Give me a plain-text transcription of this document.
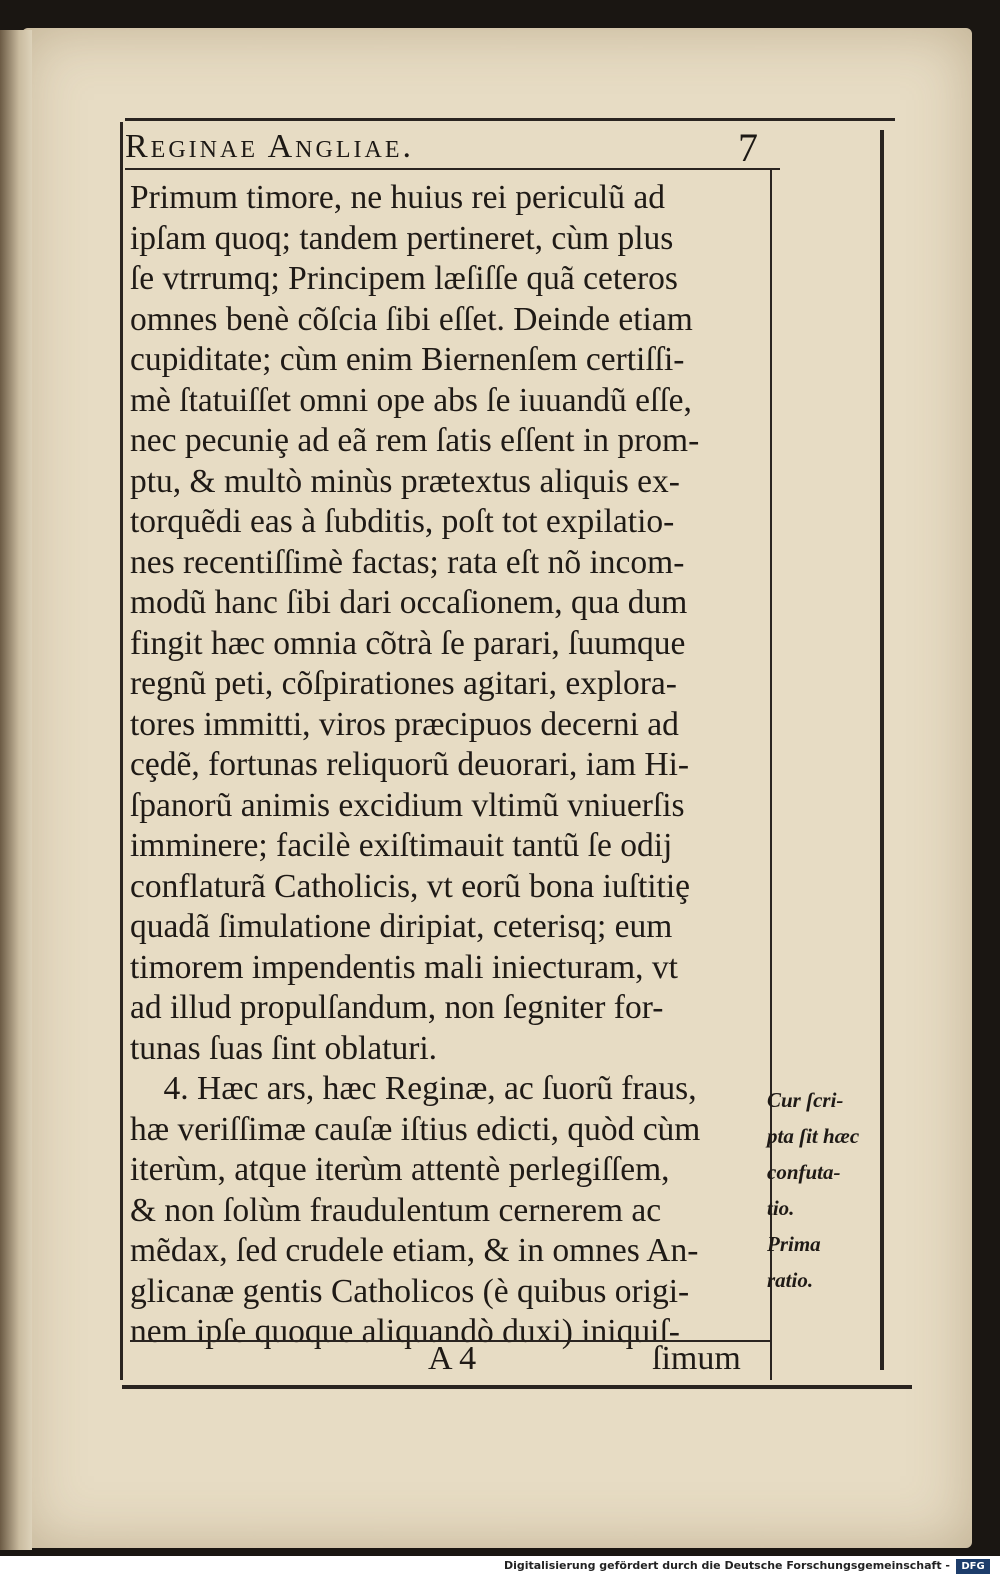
Reginae Angliae.	7
Primum timore, ne huius rei periculũ ad
ipſam quoq; tandem pertineret, cùm plus
ſe vtrrumq; Principem læſiſſe quã ceteros
omnes benè cõſcia ſibi eſſet. Deinde etiam
cupiditate; cùm enim Biernenſem certiſſi-
mè ſtatuiſſet omni ope abs ſe iuuandũ eſſe,
nec pecuniȩ ad eã rem ſatis eſſent in prom-
ptu, & multò minùs prætextus aliquis ex-
torquẽdi eas à ſubditis, poſt tot expilatio-
nes recentiſſimè factas; rata eſt nõ incom-
modũ hanc ſibi dari occaſionem, qua dum
fingit hæc omnia cõtrà ſe parari, ſuumque
regnũ peti, cõſpirationes agitari, explora-
tores immitti, viros præcipuos decerni ad
cȩdẽ, fortunas reliquorũ deuorari, iam Hi-
ſpanorũ animis excidium vltimũ vniuerſis
imminere; facilè exiſtimauit tantũ ſe odij
conflaturã Catholicis, vt eorũ bona iuſtitiȩ
quadã ſimulatione diripiat, ceterisq; eum
timorem impendentis mali iniecturam, vt
ad illud propulſandum, non ſegniter for-
tunas ſuas ſint oblaturi.
4. Hæc ars, hæc Reginæ, ac ſuorũ fraus,
hæ veriſſimæ cauſæ iſtius edicti, quòd cùm
iterùm, atque iterùm attentè perlegiſſem,
& non ſolùm fraudulentum cernerem ac
mẽdax, ſed crudele etiam, & in omnes An-
glicanæ gentis Catholicos (è quibus origi-
nem ipſe quoque aliquandò duxi) iniquiſ-
Cur ſcri-
pta ſit hæc
confuta-
tio.
Prima
ratio.
A 4	ſimum
Digitalisierung gefördert durch die Deutsche Forschungsgemeinschaft -	DFG
